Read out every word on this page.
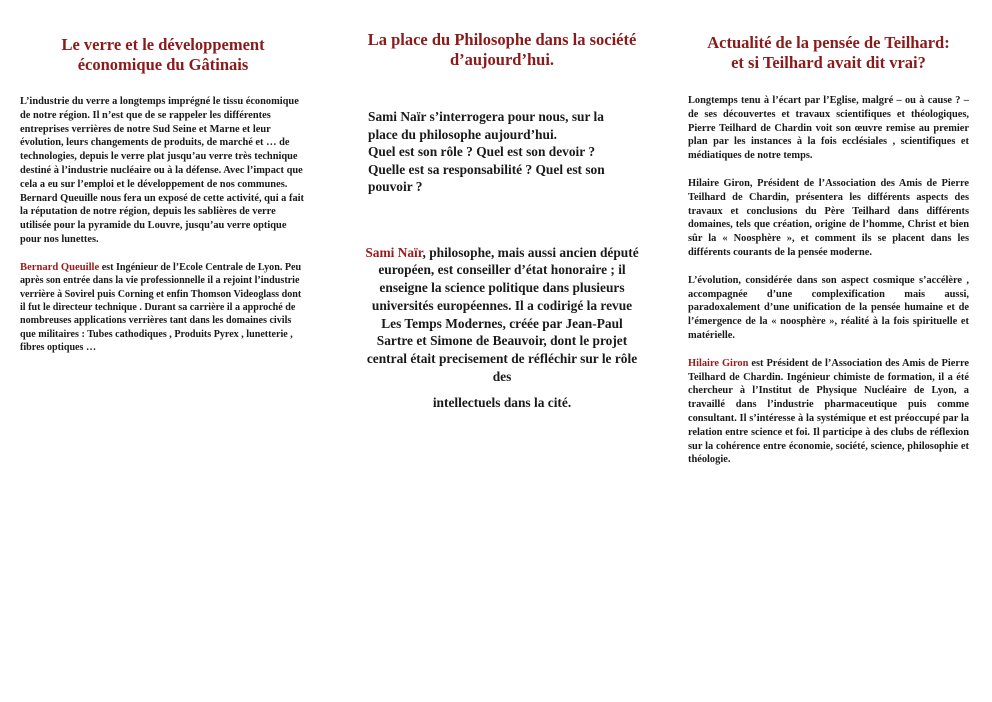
Le verre et le développement
économique du Gâtinais

L’industrie du verre a longtemps imprégné le tissu économique de notre région. Il n’est que de se rappeler les différentes entreprises verrières de notre Sud Seine et Marne et leur évolution, leurs changements de produits, de marché et … de technologies, depuis le verre plat jusqu’au verre très technique destiné à l’industrie nucléaire ou à la défense. Avec l’impact que cela a eu sur l’emploi et le développement de nos communes.

Bernard Queuille nous fera un exposé de cette activité, qui a fait la réputation de notre région, depuis les sablières de verre utilisée pour la pyramide du Louvre, jusqu’au verre optique pour nos lunettes.

Bernard Queuille est Ingénieur de l’Ecole Centrale de Lyon. Peu après son entrée dans la vie professionnelle il a rejoint l’industrie verrière à Sovirel puis Corning et enfin Thomson Videoglass dont il fut le directeur technique . Durant sa carrière il a approché de nombreuses applications verrières tant dans les domaines civils que militaires : Tubes cathodiques , Produits Pyrex , lunetterie , fibres optiques …

La place du Philosophe dans la société
d’aujourd’hui.

Sami Naïr s’interrogera pour nous, sur la place du philosophe aujourd’hui.

Quel est son rôle ? Quel est son devoir ?

Quelle est sa responsabilité ? Quel est son pouvoir ?

Sami Naïr, philosophe, mais aussi ancien député européen, est conseiller d’état honoraire ; il enseigne la science politique dans plusieurs universités européennes. Il a codirigé la revue Les Temps Modernes, créée par Jean-Paul Sartre et Simone de Beauvoir, dont le projet central était precisement de réfléchir sur le rôle des

intellectuels dans la cité.

Actualité de la pensée de Teilhard:
et si Teilhard avait dit vrai?

Longtemps tenu à l’écart par l’Eglise, malgré – ou à cause ? – de ses découvertes et travaux scientifiques et théologiques, Pierre Teilhard de Chardin voit son œuvre remise au premier plan par les instances à la fois ecclésiales , scientifiques et médiatiques de notre temps.

Hilaire Giron, Président de l’Association des Amis de Pierre Teilhard de Chardin, présentera les différents aspects des travaux et conclusions du Père Teilhard dans différents domaines, tels que création, origine de l’homme, Christ et bien sûr la « Noosphère », et comment ils se placent dans les différents courants de la pensée moderne.

L’évolution, considérée dans son aspect cosmique s’accélère , accompagnée d’une complexification mais aussi, paradoxalement d’une unification de la pensée humaine et de l’émergence de la « noosphère », réalité à la fois spirituelle et matérielle.

Hilaire Giron est Président de l’Association des Amis de Pierre Teilhard de Chardin. Ingénieur chimiste de formation, il a été chercheur à l’Institut de Physique Nucléaire de Lyon, a travaillé dans l’industrie pharmaceutique puis comme consultant. Il s’intéresse à la systémique et est préoccupé par la relation entre science et foi. Il participe à des clubs de réflexion sur la cohérence entre économie, société, science, philosophie et théologie.
